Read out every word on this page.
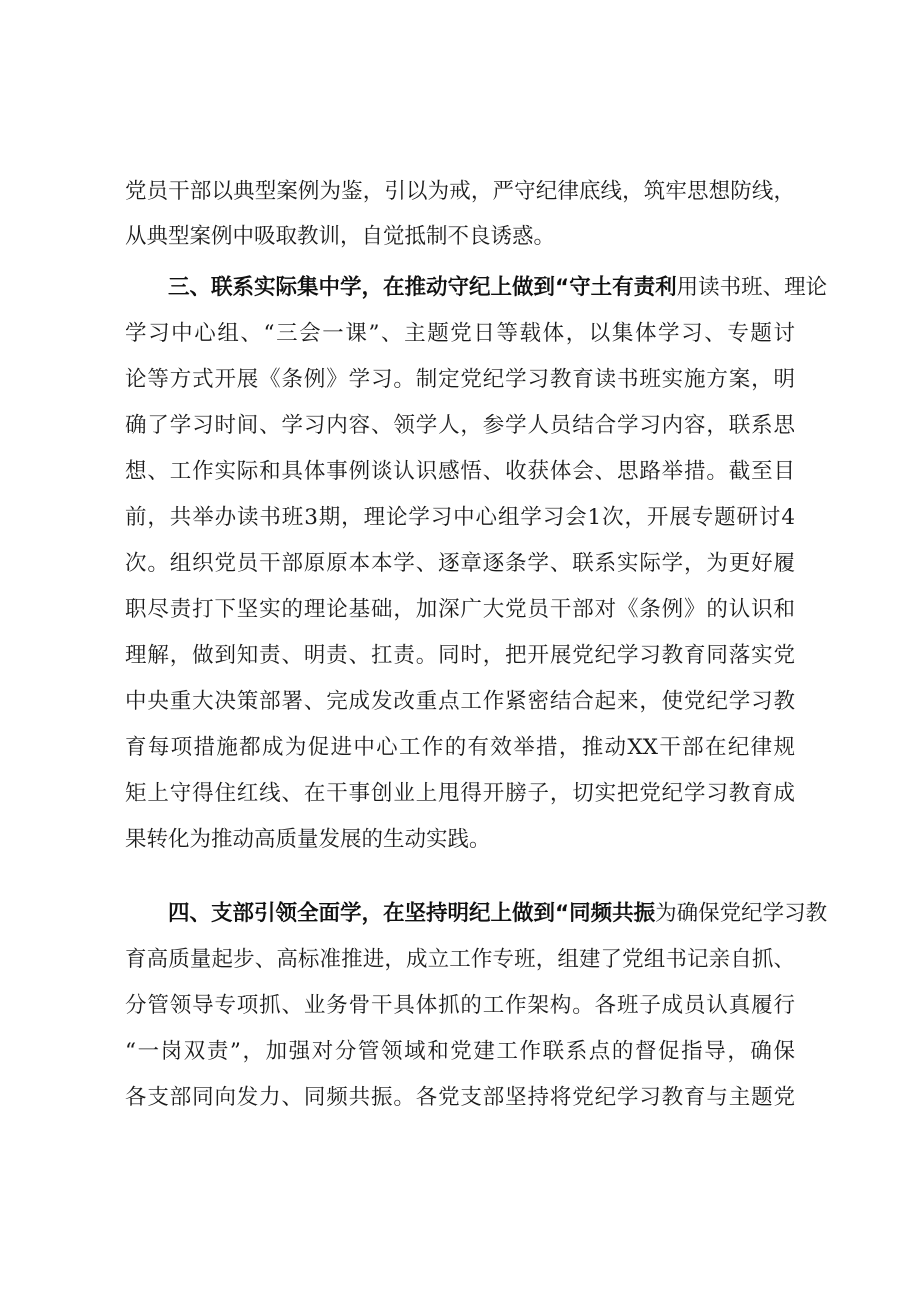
党员干部以典型案例为鉴，引以为戒，严守纪律底线，筑牢思想防线，
从典型案例中吸取教训，自觉抵制不良诱惑。
三、联系实际集中学，在推动守纪上做到“守土有责利用读书班、理论
学习中心组、“三会一课”、主题党日等载体，以集体学习、专题讨
论等方式开展《条例》学习。制定党纪学习教育读书班实施方案，明
确了学习时间、学习内容、领学人，参学人员结合学习内容，联系思
想、工作实际和具体事例谈认识感悟、收获体会、思路举措。截至目
前，共举办读书班3期，理论学习中心组学习会1次，开展专题研讨4
次。组织党员干部原原本本学、逐章逐条学、联系实际学，为更好履
职尽责打下坚实的理论基础，加深广大党员干部对《条例》的认识和
理解，做到知责、明责、扛责。同时，把开展党纪学习教育同落实党
中央重大决策部署、完成发改重点工作紧密结合起来，使党纪学习教
育每项措施都成为促进中心工作的有效举措，推动XX干部在纪律规
矩上守得住红线、在干事创业上甩得开膀子，切实把党纪学习教育成
果转化为推动高质量发展的生动实践。
四、支部引领全面学，在坚持明纪上做到“同频共振为确保党纪学习教
育高质量起步、高标准推进，成立工作专班，组建了党组书记亲自抓、
分管领导专项抓、业务骨干具体抓的工作架构。各班子成员认真履行
“一岗双责”，加强对分管领域和党建工作联系点的督促指导，确保
各支部同向发力、同频共振。各党支部坚持将党纪学习教育与主题党
